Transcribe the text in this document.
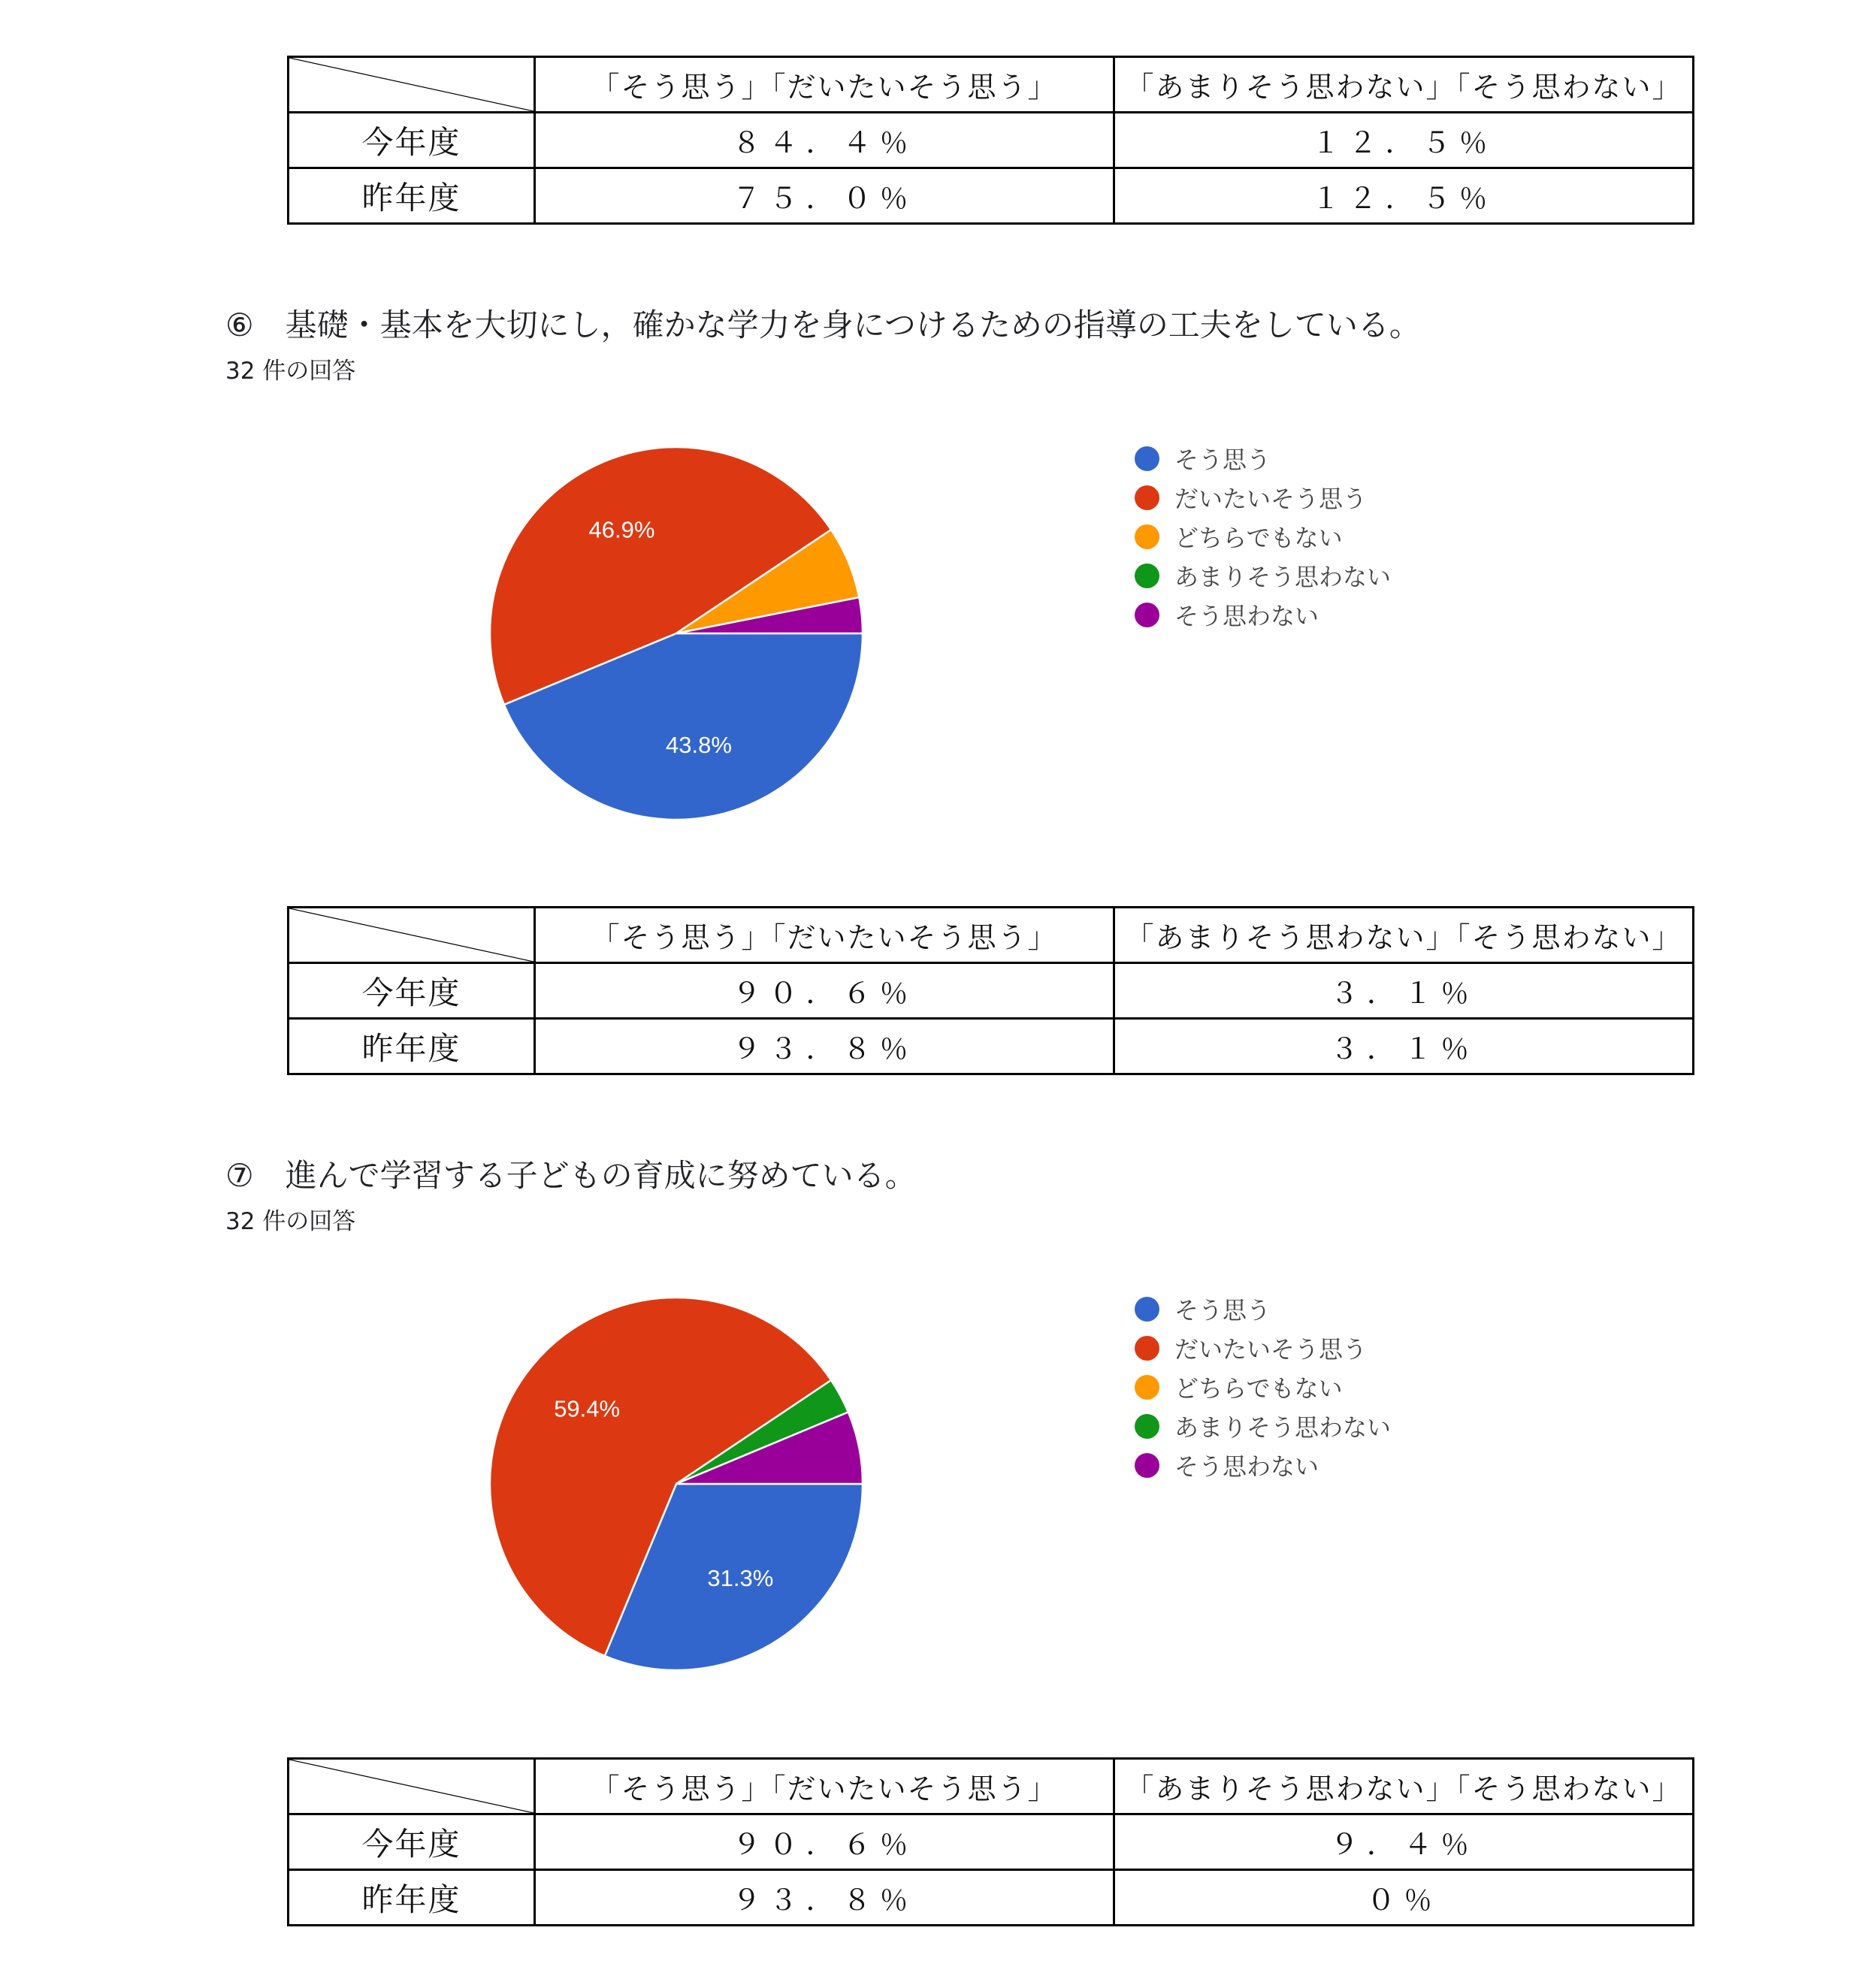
	「そう思う」「だいたいそう思う」	「あまりそう思わない」「そう思わない」
今年度	８４．４％	１２．５％
昨年度	７５．０％	１２．５％
⑥　基礎・基本を大切にし，確かな学力を身につけるための指導の工夫をしている。
32 件の回答
43.8%
46.9%
そう思う
だいたいそう思う
どちらでもない
あまりそう思わない
そう思わない
	「そう思う」「だいたいそう思う」	「あまりそう思わない」「そう思わない」
今年度	９０．６％	３．１％
昨年度	９３．８％	３．１％
⑦　進んで学習する子どもの育成に努めている。
32 件の回答
31.3%
59.4%
そう思う
だいたいそう思う
どちらでもない
あまりそう思わない
そう思わない
	「そう思う」「だいたいそう思う」	「あまりそう思わない」「そう思わない」
今年度	９０．６％	９．４％
昨年度	９３．８％	０％
